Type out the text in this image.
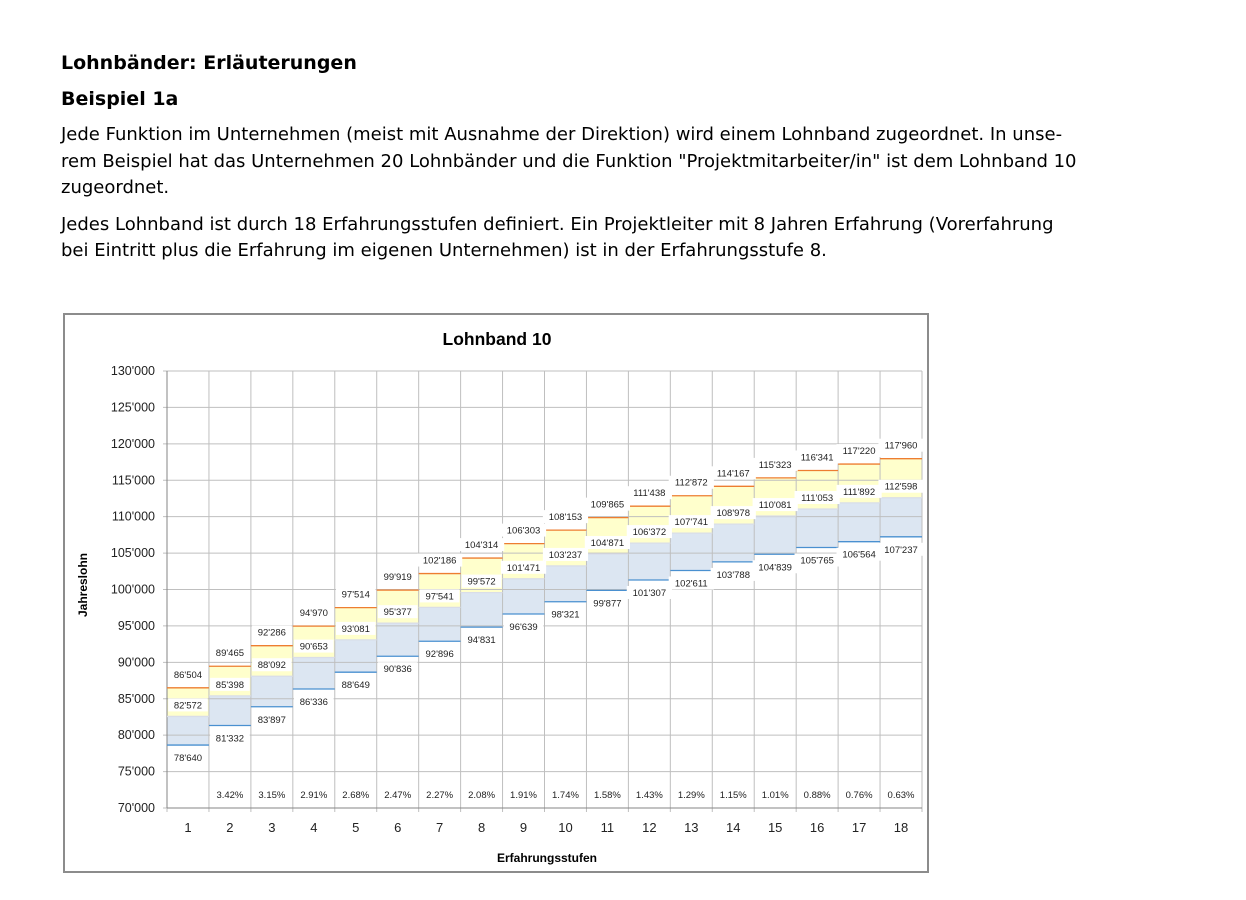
Lohnbänder: Erläuterungen
Beispiel 1a
Jede Funktion im Unternehmen (meist mit Ausnahme der Direktion) wird einem Lohnband zugeordnet. In unse-
rem Beispiel hat das Unternehmen 20 Lohnbänder und die Funktion "Projektmitarbeiter/in" ist dem Lohnband 10
zugeordnet.
Jedes Lohnband ist durch 18 Erfahrungsstufen definiert. Ein Projektleiter mit 8 Jahren Erfahrung (Vorerfahrung
bei Eintritt plus die Erfahrung im eigenen Unternehmen) ist in der Erfahrungsstufe 8.
70'000
75'000
80'000
85'000
90'000
95'000
100'000
105'000
110'000
115'000
120'000
125'000
130'000
86'504
82'572
78'640
1
89'465
85'398
81'332
3.42%
2
92'286
88'092
83'897
3.15%
3
94'970
90'653
86'336
2.91%
4
97'514
93'081
88'649
2.68%
5
99'919
95'377
90'836
2.47%
6
102'186
97'541
92'896
2.27%
7
104'314
99'572
94'831
2.08%
8
106'303
101'471
96'639
1.91%
9
108'153
103'237
98'321
1.74%
10
109'865
104'871
99'877
1.58%
11
111'438
106'372
101'307
1.43%
12
112'872
107'741
102'611
1.29%
13
114'167
108'978
103'788
1.15%
14
115'323
110'081
104'839
1.01%
15
116'341
111'053
105'765
0.88%
16
117'220
111'892
106'564
0.76%
17
117'960
112'598
107'237
0.63%
18
Lohnband 10
Erfahrungsstufen
Jahreslohn
